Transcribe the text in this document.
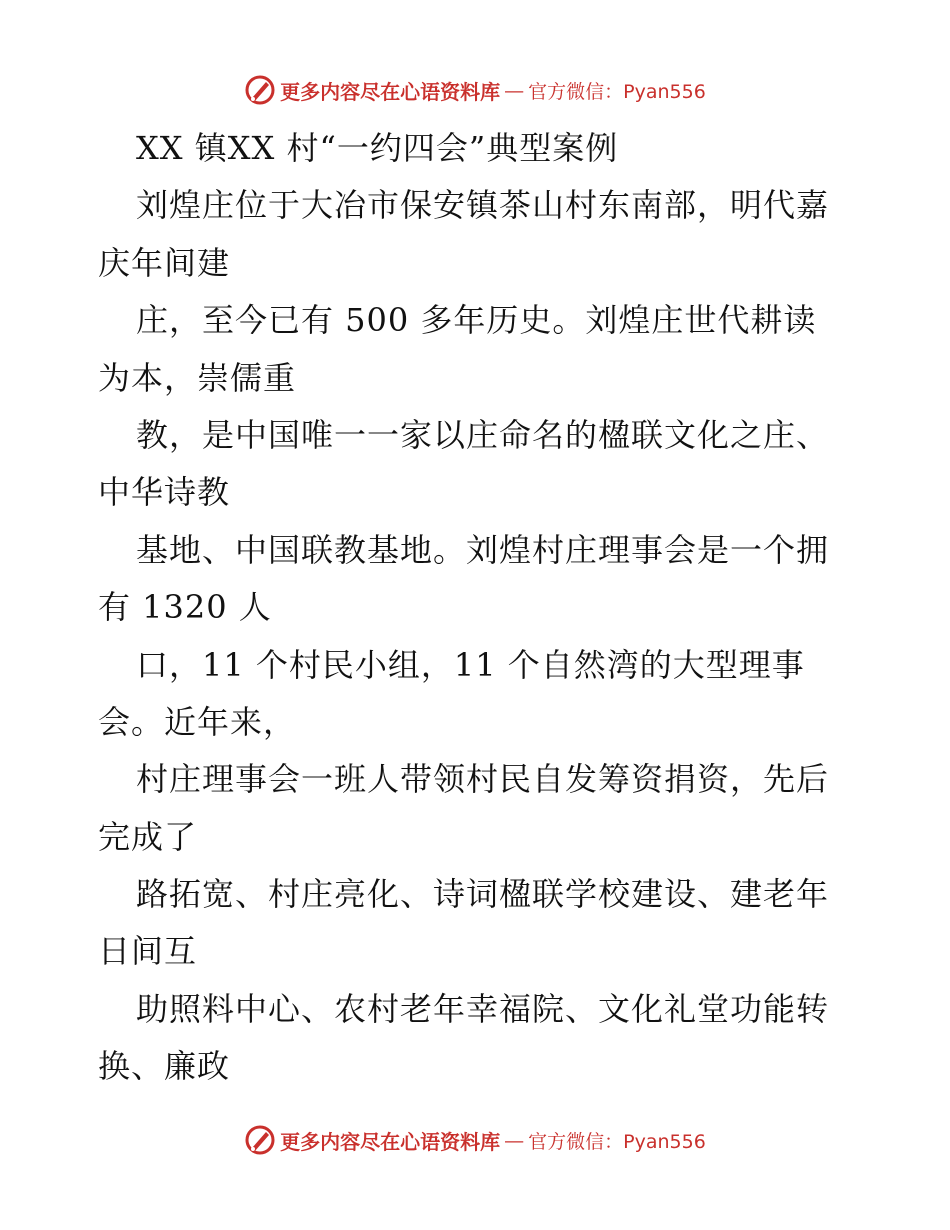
更多内容尽在心语资料库 — 官方微信：Pyan556
XX 镇XX 村“一约四会”典型案例
刘煌庄位于大冶市保安镇茶山村东南部，明代嘉
庆年间建
庄，至今已有 500 多年历史。刘煌庄世代耕读
为本，崇儒重
教，是中国唯一一家以庄命名的楹联文化之庄、
中华诗教
基地、中国联教基地。刘煌村庄理事会是一个拥
有 1320 人
口，11 个村民小组，11 个自然湾的大型理事
会。近年来，
村庄理事会一班人带领村民自发筹资捐资，先后
完成了
路拓宽、村庄亮化、诗词楹联学校建设、建老年
日间互
助照料中心、农村老年幸福院、文化礼堂功能转
换、廉政
更多内容尽在心语资料库 — 官方微信：Pyan556
